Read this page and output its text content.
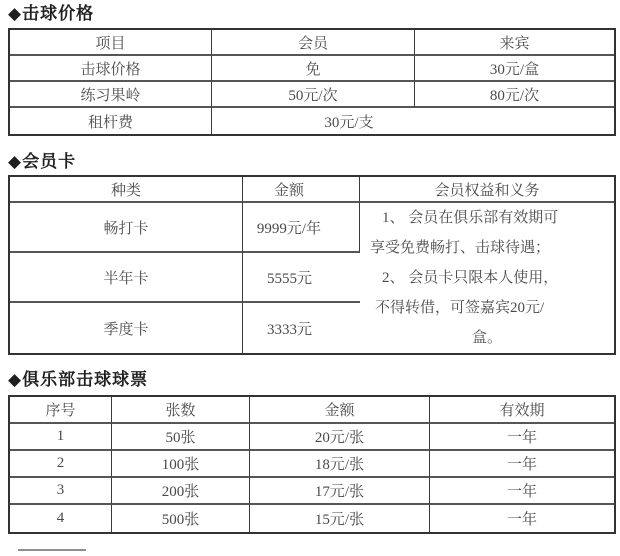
◆击球价格
项目	会员	来宾
击球价格	免	30元/盒
练习果岭	50元/次	80元/次
租杆费	30元/支	
◆会员卡
种类	金额	会员权益和义务
畅打卡	9999元/年	1、 会员在俱乐部有效期可
享受免费畅打、击球待遇；
2、 会员卡只限本人使用，
不得转借，可签嘉宾20元/
盒。

半年卡	5555元	
季度卡	3333元	
◆俱乐部击球球票
序号	张数	金额	有效期
1	50张	20元/张	一年
2	100张	18元/张	一年
3	200张	17元/张	一年
4	500张	15元/张	一年
